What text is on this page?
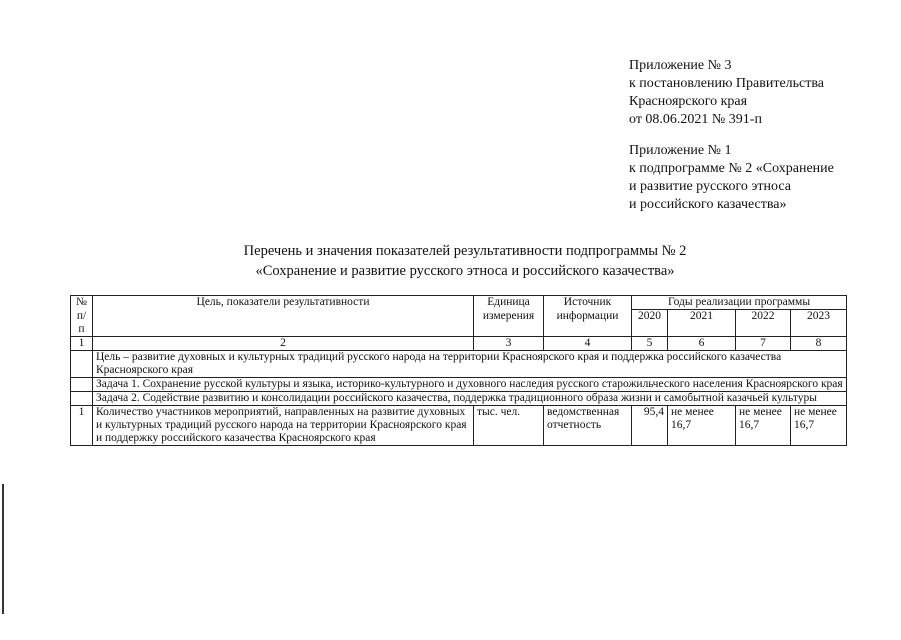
Приложение № 3
к постановлению Правительства
Красноярского края
от 08.06.2021 № 391-п
Приложение № 1
к подпрограмме № 2 «Сохранение
и развитие русского этноса
и российского казачества»
Перечень и значения показателей результативности подпрограммы № 2
«Сохранение и развитие русского этноса и российского казачества»
№	Цель, показатели результативности	Единица	Источник	Годы реализации программы			
п/п		измерения	информации	2020	2021	2022	2023
1	2	3	4	5	6	7	8
	Цель – развитие духовных и культурных традиций русского народа на территории Красноярского края и поддержка российского казачества Красноярского края						
	Задача 1. Сохранение русской культуры и языка, историко-культурного и духовного наследия русского старожильческого населения Красноярского края						
	Задача 2. Содействие развитию и консолидации российского казачества, поддержка традиционного образа жизни и самобытной казачьей культуры						
1	Количество участников мероприятий, направленных на развитие духовных и культурных традиций русского народа на территории Красноярского края и поддержку российского казачества Красноярского края	тыс. чел.	ведомственная отчетность	95,4	не менее 16,7	не менее 16,7	не менее 16,7
